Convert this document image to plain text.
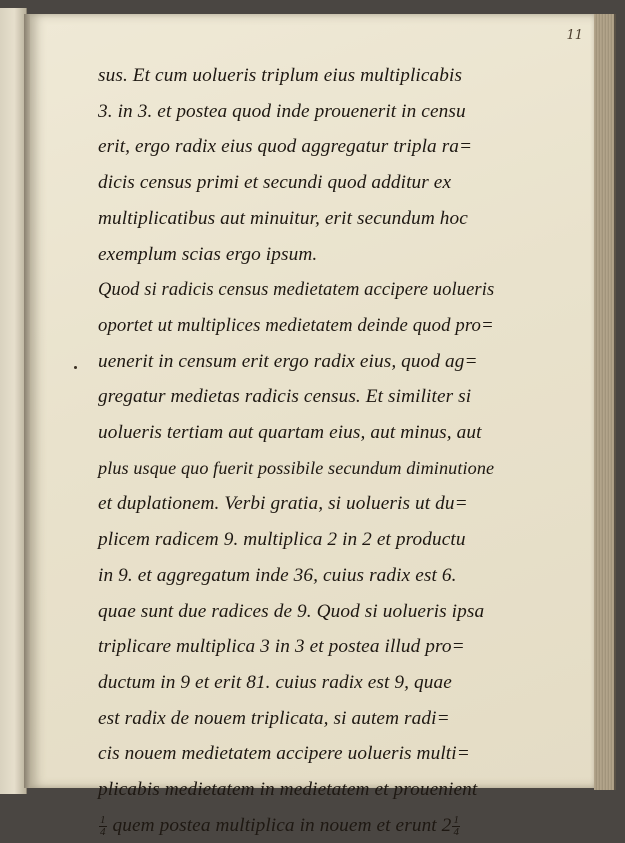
11
sus. Et cum uolueris triplum eius multiplicabis
3. in 3. et postea quod inde prouenerit in censu
erit, ergo radix eius quod aggregatur tripla ra=
dicis census primi et secundi quod additur ex
multiplicatibus aut minuitur, erit secundum hoc
exemplum scias ergo ipsum.
Quod si radicis census medietatem accipere uolueris
oportet ut multiplices medietatem deinde quod pro=
uenerit in censum erit ergo radix eius, quod ag=
gregatur medietas radicis census. Et similiter si
uolueris tertiam aut quartam eius, aut minus, aut
plus usque quo fuerit possibile secundum diminutione
et duplationem. Verbi gratia, si uolueris ut du=
plicem radicem 9. multiplica 2 in 2 et productu
in 9. et aggregatum inde 36, cuius radix est 6.
quae sunt due radices de 9. Quod si uolueris ipsa
triplicare multiplica 3 in 3 et postea illud pro=
ductum in 9 et erit 81. cuius radix est 9, quae
est radix de nouem triplicata, si autem radi=
cis nouem medietatem accipere uolueris multi=
plicabis medietatem in medietatem et prouenient
$\frac{1}{4}$ quem postea multiplica in nouem et erunt $2 \frac{1}{4}$
